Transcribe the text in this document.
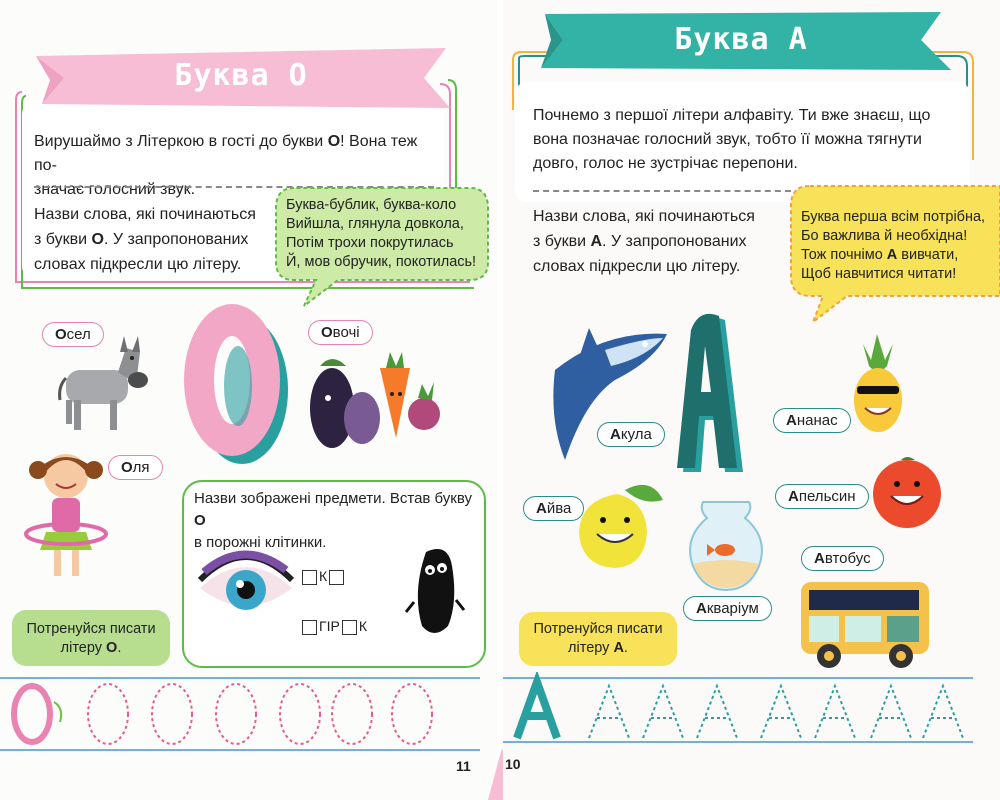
Буква О
Вирушаймо з Літеркою в гості до букви О! Вона теж по-
значає голосний звук.
Назви слова, які починаються
з букви О. У запропонованих
словах підкресли цю літеру.
Буква-бублик, буква-коло
Вийшла, глянула довкола,
Потім трохи покрутилась
Й, мов обручик, покотилась!
Осел	Овочі
Оля
Назви зображені предмети. Встав букву О
в порожні клітинки.
К
ГІР К
Потренуйся писати
літеру О.
11
Буква А
Почнемо з першої літери алфавіту. Ти вже знаєш, що
вона позначає голосний звук, тобто її можна тягнути
довго, голос не зустрічає перепони.
Назви слова, які починаються
з букви А. У запропонованих
словах підкресли цю літеру.
Буква перша всім потрібна,
Бо важлива й необхідна!
Тож почнімо А вивчати,
Щоб навчитися читати!
Акула
Ананас
Айва
Апельсин
Автобус
Акваріум
Потренуйся писати
літеру А.
10
